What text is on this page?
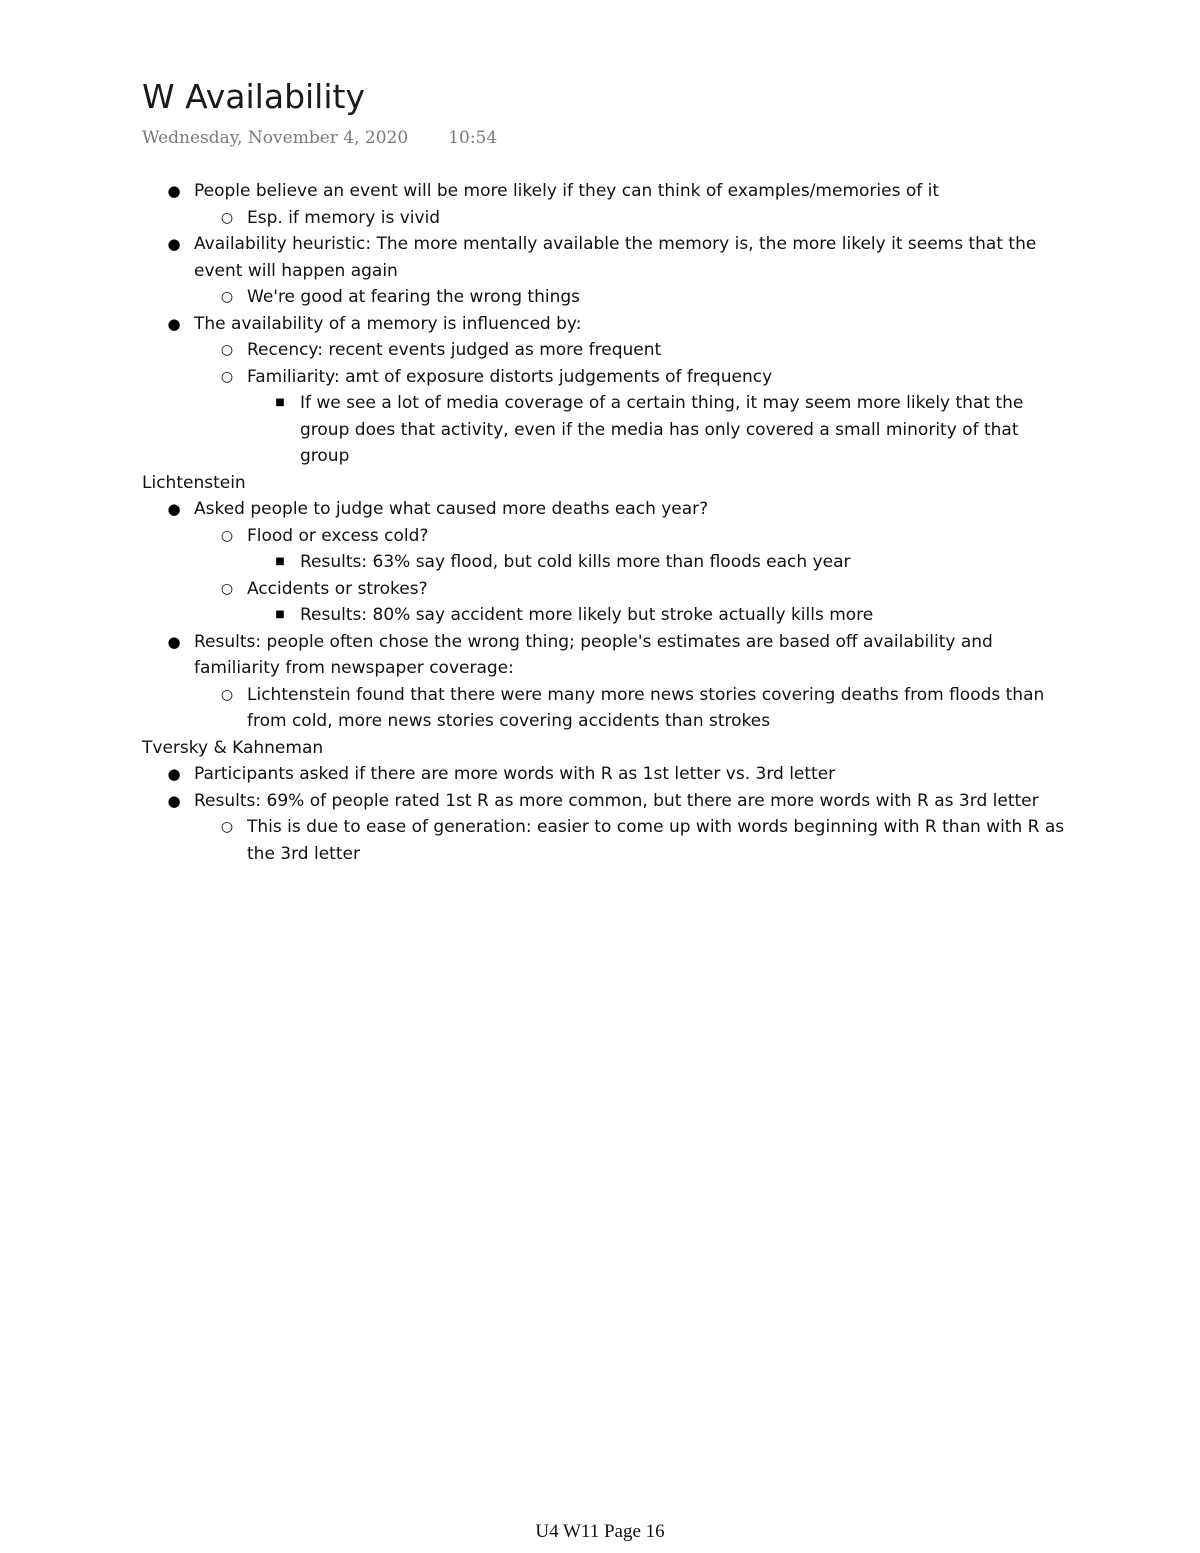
W Availability
Wednesday, November 4, 2020 10:54
● People believe an event will be more likely if they can think of examples/memories of it
○ Esp. if memory is vivid
● Availability heuristic: The more mentally available the memory is, the more likely it seems that the event will happen again
○ We're good at fearing the wrong things
● The availability of a memory is influenced by:
○ Recency: recent events judged as more frequent
○ Familiarity: amt of exposure distorts judgements of frequency
■ If we see a lot of media coverage of a certain thing, it may seem more likely that the group does that activity, even if the media has only covered a small minority of that group

Lichtenstein

● Asked people to judge what caused more deaths each year?
○ Flood or excess cold?
■ Results: 63% say flood, but cold kills more than floods each year
○ Accidents or strokes?
■ Results: 80% say accident more likely but stroke actually kills more
● Results: people often chose the wrong thing; people's estimates are based off availability and familiarity from newspaper coverage:
○ Lichtenstein found that there were many more news stories covering deaths from floods than from cold, more news stories covering accidents than strokes

Tversky & Kahneman

● Participants asked if there are more words with R as 1st letter vs. 3rd letter
● Results: 69% of people rated 1st R as more common, but there are more words with R as 3rd letter
○ This is due to ease of generation: easier to come up with words beginning with R than with R as the 3rd letter
U4 W11 Page 16
